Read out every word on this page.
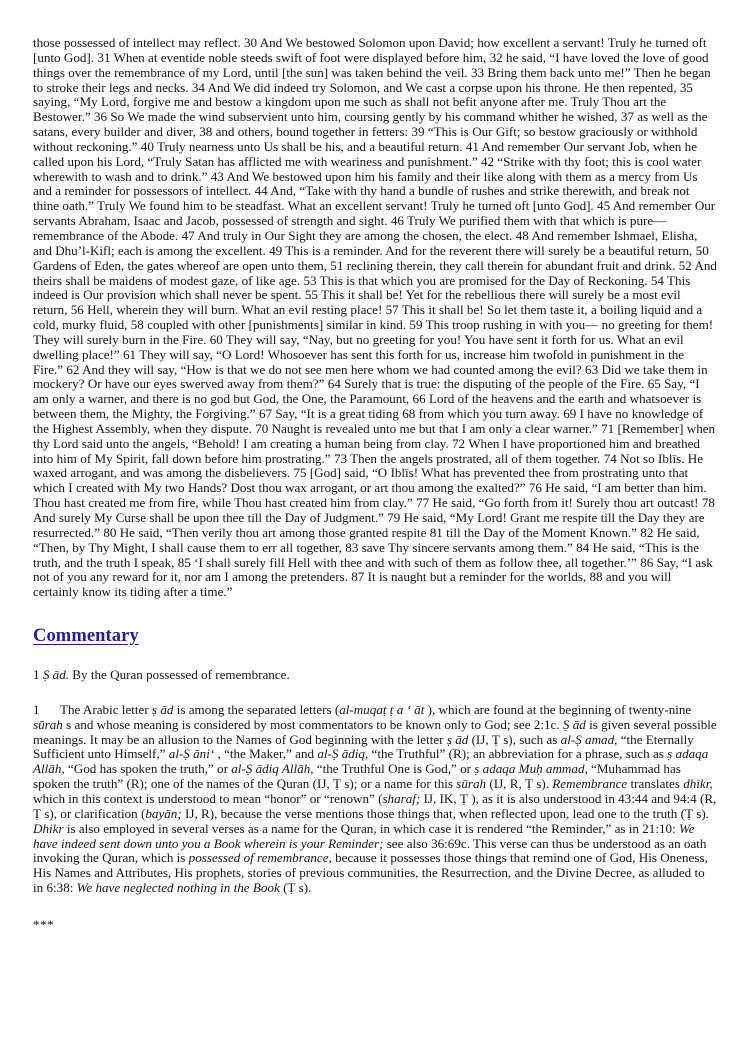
those possessed of intellect may reflect. 30 And We bestowed Solomon upon David; how excellent a servant! Truly he turned oft [unto God]. 31 When at eventide noble steeds swift of foot were displayed before him, 32 he said, “I have loved the love of good things over the remembrance of my Lord, until [the sun] was taken behind the veil. 33 Bring them back unto me!” Then he began to stroke their legs and necks. 34 And We did indeed try Solomon, and We cast a corpse upon his throne. He then repented, 35 saying, “My Lord, forgive me and bestow a kingdom upon me such as shall not befit anyone after me. Truly Thou art the Bestower.” 36 So We made the wind subservient unto him, coursing gently by his command whither he wished, 37 as well as the satans, every builder and diver, 38 and others, bound together in fetters: 39 “This is Our Gift; so bestow graciously or withhold without reckoning.” 40 Truly nearness unto Us shall be his, and a beautiful return. 41 And remember Our servant Job, when he called upon his Lord, “Truly Satan has afflicted me with weariness and punishment.” 42 “Strike with thy foot; this is cool water wherewith to wash and to drink.” 43 And We bestowed upon him his family and their like along with them as a mercy from Us and a reminder for possessors of intellect. 44 And, “Take with thy hand a bundle of rushes and strike therewith, and break not thine oath.” Truly We found him to be steadfast. What an excellent servant! Truly he turned oft [unto God]. 45 And remember Our servants Abraham, Isaac and Jacob, possessed of strength and sight. 46 Truly We purified them with that which is pure—remembrance of the Abode. 47 And truly in Our Sight they are among the chosen, the elect. 48 And remember Ishmael, Elisha, and Dhu’l-Kifl; each is among the excellent. 49 This is a reminder. And for the reverent there will surely be a beautiful return, 50 Gardens of Eden, the gates whereof are open unto them, 51 reclining therein, they call therein for abundant fruit and drink. 52 And theirs shall be maidens of modest gaze, of like age. 53 This is that which you are promised for the Day of Reckoning. 54 This indeed is Our provision which shall never be spent. 55 This it shall be! Yet for the rebellious there will surely be a most evil return, 56 Hell, wherein they will burn. What an evil resting place! 57 This it shall be! So let them taste it, a boiling liquid and a cold, murky fluid, 58 coupled with other [punishments] similar in kind. 59 This troop rushing in with you— no greeting for them! They will surely burn in the Fire. 60 They will say, “Nay, but no greeting for you! You have sent it forth for us. What an evil dwelling place!” 61 They will say, “O Lord! Whosoever has sent this forth for us, increase him twofold in punishment in the Fire.” 62 And they will say, “How is that we do not see men here whom we had counted among the evil? 63 Did we take them in mockery? Or have our eyes swerved away from them?” 64 Surely that is true: the disputing of the people of the Fire. 65 Say, “I am only a warner, and there is no god but God, the One, the Paramount, 66 Lord of the heavens and the earth and whatsoever is between them, the Mighty, the Forgiving.” 67 Say, “It is a great tiding 68 from which you turn away. 69 I have no knowledge of the Highest Assembly, when they dispute. 70 Naught is revealed unto me but that I am only a clear warner.” 71 [Remember] when thy Lord said unto the angels, “Behold! I am creating a human being from clay. 72 When I have proportioned him and breathed into him of My Spirit, fall down before him prostrating.” 73 Then the angels prostrated, all of them together. 74 Not so Iblīs. He waxed arrogant, and was among the disbelievers. 75 [God] said, “O Iblīs! What has prevented thee from prostrating unto that which I created with My two Hands? Dost thou wax arrogant, or art thou among the exalted?” 76 He said, “I am better than him. Thou hast created me from fire, while Thou hast created him from clay.” 77 He said, “Go forth from it! Surely thou art outcast! 78 And surely My Curse shall be upon thee till the Day of Judgment.” 79 He said, “My Lord! Grant me respite till the Day they are resurrected.” 80 He said, “Then verily thou art among those granted respite 81 till the Day of the Moment Known.” 82 He said, “Then, by Thy Might, I shall cause them to err all together, 83 save Thy sincere servants among them.” 84 He said, “This is the truth, and the truth I speak, 85 ‘I shall surely fill Hell with thee and with such of them as follow thee, all together.’” 86 Say, “I ask not of you any reward for it, nor am I among the pretenders. 87 It is naught but a reminder for the worlds, 88 and you will certainly know its tiding after a time.”

Commentary
1 Ṣ ād. By the Quran possessed of remembrance.

1 The Arabic letter ṣ ād is among the separated letters (al-muqaṭ ṭ a ʻ āt ), which are found at the beginning of twenty-nine sūrah s and whose meaning is considered by most commentators to be known only to God; see 2:1c. Ṣ ād is given several possible meanings. It may be an allusion to the Names of God beginning with the letter ṣ ād (IJ, Ṭ s), such as al-Ṣ amad, “the Eternally Sufficient unto Himself,” al-Ṣ āniʻ , “the Maker,” and al-Ṣ ādiq, “the Truthful” (R); an abbreviation for a phrase, such as ṣ adaqa Allāh, “God has spoken the truth,” or al-Ṣ ādiq Allāh, “the Truthful One is God,” or ṣ adaqa Muḥ ammad, “Muhammad has spoken the truth” (R); one of the names of the Quran (IJ, Ṭ s); or a name for this sūrah (IJ, R, Ṭ s). Remembrance translates dhikr, which in this context is understood to mean “honor” or “renown” (sharaf; IJ, IK, Ṭ ), as it is also understood in 43:44 and 94:4 (R, Ṭ s), or clarification (bayān; IJ, R), because the verse mentions those things that, when reflected upon, lead one to the truth (Ṭ s). Dhikr is also employed in several verses as a name for the Quran, in which case it is rendered “the Reminder,” as in 21:10: We have indeed sent down unto you a Book wherein is your Reminder; see also 36:69c. This verse can thus be understood as an oath invoking the Quran, which is possessed of remembrance, because it possesses those things that remind one of God, His Oneness, His Names and Attributes, His prophets, stories of previous communities, the Resurrection, and the Divine Decree, as alluded to in 6:38: We have neglected nothing in the Book (Ṭ s).

***
